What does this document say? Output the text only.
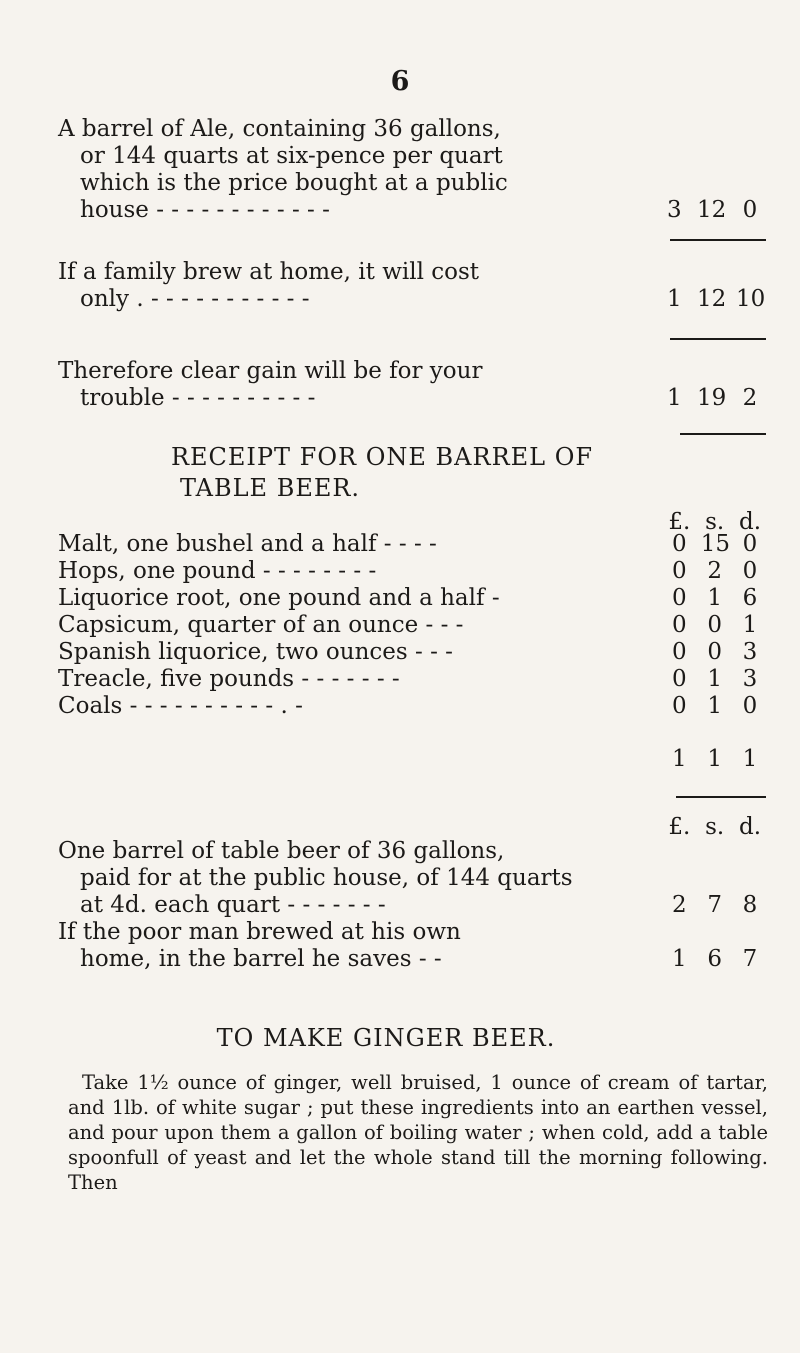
6
A barrel of Ale, containing 36 gallons,
or 144 quarts at six-pence per quart
which is the price bought at a public
house - - - - - - - - - - - -	3 12 0
If a family brew at home, it will cost
only . - - - - - - - - - - -	1 12 10
Therefore clear gain will be for your
trouble - - - - - - - - - -	1 19 2
RECEIPT FOR ONE BARREL OF
TABLE BEER.
£. s. d.
Malt, one bushel and a half - - - -	0 15 0
Hops, one pound - - - - - - - -	0 2 0
Liquorice root, one pound and a half -	0 1 6
Capsicum, quarter of an ounce - - -	0 0 1
Spanish liquorice, two ounces - - -	0 0 3
Treacle, five pounds - - - - - - -	0 1 3
Coals - - - - - - - - - - . -	0 1 0
1 1 1
£. s. d.
One barrel of table beer of 36 gallons,
paid for at the public house, of 144 quarts
at 4d. each quart - - - - - - -	2 7 8
If the poor man brewed at his own
home, in the barrel he saves - -	1 6 7
TO MAKE GINGER BEER.
Take 1½ ounce of ginger, well bruised, 1 ounce of cream of tartar, and 1lb. of white sugar ; put these ingredients into an earthen vessel, and pour upon them a gallon of boiling water ; when cold, add a table spoonfull of yeast and let the whole stand till the morning following. Then
